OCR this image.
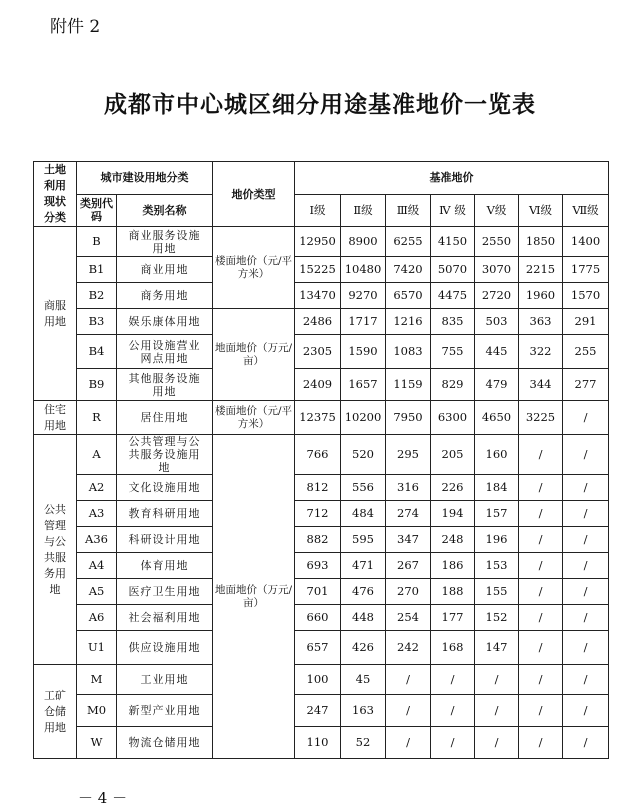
附件 2
成都市中心城区细分用途基准地价一览表
土地利用现状分类	城市建设用地分类		地价类型	基准地价						
	类别代码	类别名称		Ⅰ级	Ⅱ级	Ⅲ级	Ⅳ 级	Ⅴ级	Ⅵ级	Ⅶ级
商服用地	B	商业服务设施用地	楼面地价（元/平方米）	12950	8900	6255	4150	2550	1850	1400
	B1	商业用地		15225	10480	7420	5070	3070	2215	1775
	B2	商务用地		13470	9270	6570	4475	2720	1960	1570
	B3	娱乐康体用地	地面地价（万元/亩）	2486	1717	1216	835	503	363	291
	B4	公用设施营业网点用地		2305	1590	1083	755	445	322	255
	B9	其他服务设施用地		2409	1657	1159	829	479	344	277
住宅用地	R	居住用地	楼面地价（元/平方米）	12375	10200	7950	6300	4650	3225	/
公共管理与公共服务用地	A	公共管理与公共服务设施用地	地面地价（万元/亩）	766	520	295	205	160	/	/
	A2	文化设施用地		812	556	316	226	184	/	/
	A3	教育科研用地		712	484	274	194	157	/	/
	A36	科研设计用地		882	595	347	248	196	/	/
	A4	体育用地		693	471	267	186	153	/	/
	A5	医疗卫生用地		701	476	270	188	155	/	/
	A6	社会福利用地		660	448	254	177	152	/	/
	U1	供应设施用地		657	426	242	168	147	/	/
工矿仓储用地	M	工业用地		100	45	/	/	/	/	/
	M0	新型产业用地		247	163	/	/	/	/	/
	W	物流仓储用地		110	52	/	/	/	/	/
－ 4 －
